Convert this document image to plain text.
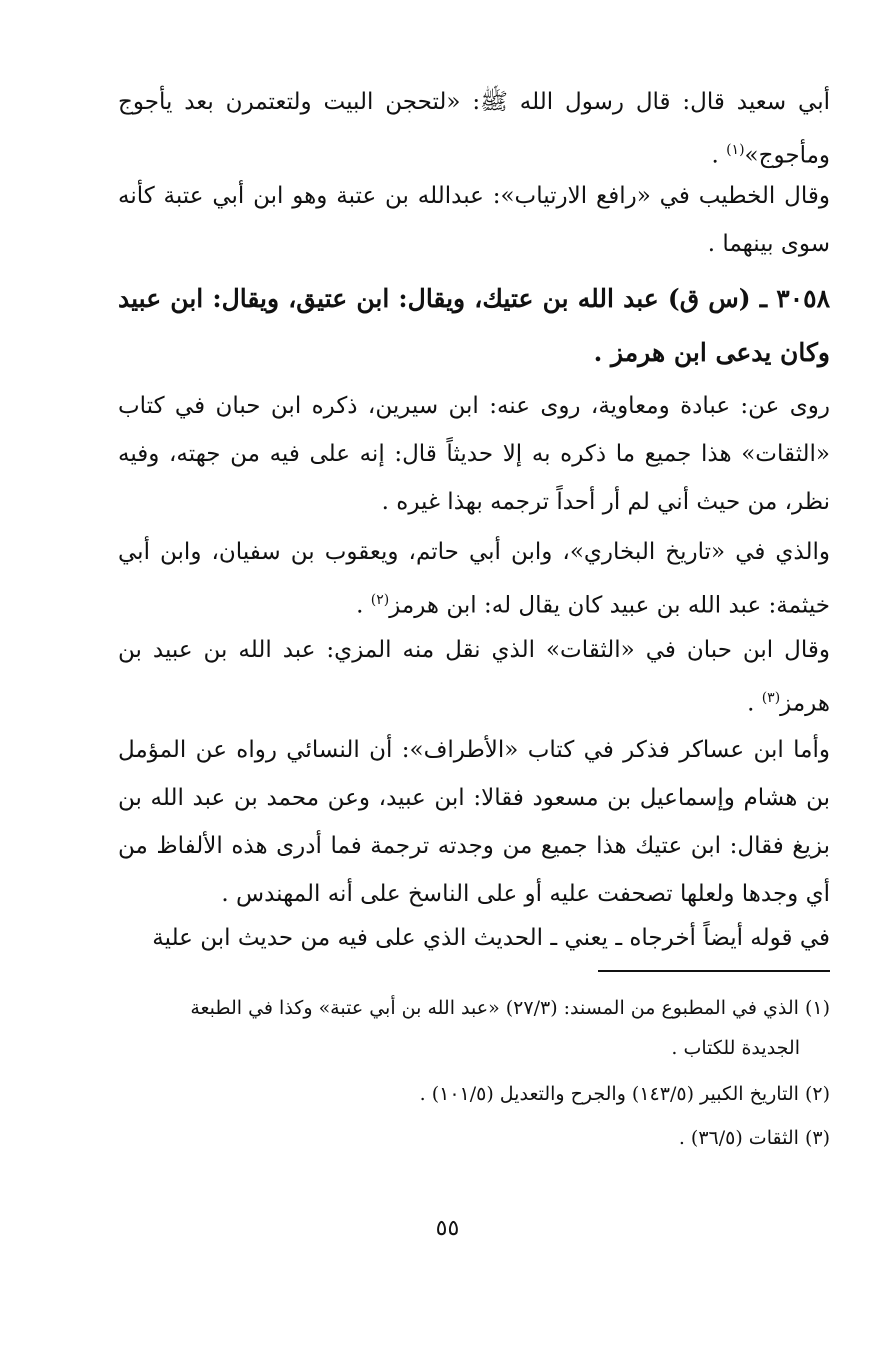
أبي سعيد قال: قال رسول الله ﷺ: «لتحجن البيت ولتعتمرن بعد يأجوج ومأجوج»$^{(١)}$ .

وقال الخطيب في «رافع الارتياب»: عبدالله بن عتبة وهو ابن أبي عتبة كأنه سوى بينهما .

٣٠٥٨ ـ (س ق) عبد الله بن عتيك، ويقال: ابن عتيق، ويقال: ابن عبيد وكان يدعى ابن هرمز .

روى عن: عبادة ومعاوية، روى عنه: ابن سيرين، ذكره ابن حبان في كتاب «الثقات» هذا جميع ما ذكره به إلا حديثاً قال: إنه على فيه من جهته، وفيه نظر، من حيث أني لم أر أحداً ترجمه بهذا غيره .

والذي في «تاريخ البخاري»، وابن أبي حاتم، ويعقوب بن سفيان، وابن أبي خيثمة: عبد الله بن عبيد كان يقال له: ابن هرمز$^{(٢)}$ .

وقال ابن حبان في «الثقات» الذي نقل منه المزي: عبد الله بن عبيد بن هرمز$^{(٣)}$ .

وأما ابن عساكر فذكر في كتاب «الأطراف»: أن النسائي رواه عن المؤمل بن هشام وإسماعيل بن مسعود فقالا: ابن عبيد، وعن محمد بن عبد الله بن بزيغ فقال: ابن عتيك هذا جميع من وجدته ترجمة فما أدرى هذه الألفاظ من أي وجدها ولعلها تصحفت عليه أو على الناسخ على أنه المهندس .

في قوله أيضاً أخرجاه ـ يعني ـ الحديث الذي على فيه من حديث ابن علية

(١) الذي في المطبوع من المسند: (٢٧/٣) «عبد الله بن أبي عتبة» وكذا في الطبعة

الجديدة للكتاب .

(٢) التاريخ الكبير (١٤٣/٥) والجرح والتعديل (١٠١/٥) .

(٣) الثقات (٣٦/٥) .

٥٥
